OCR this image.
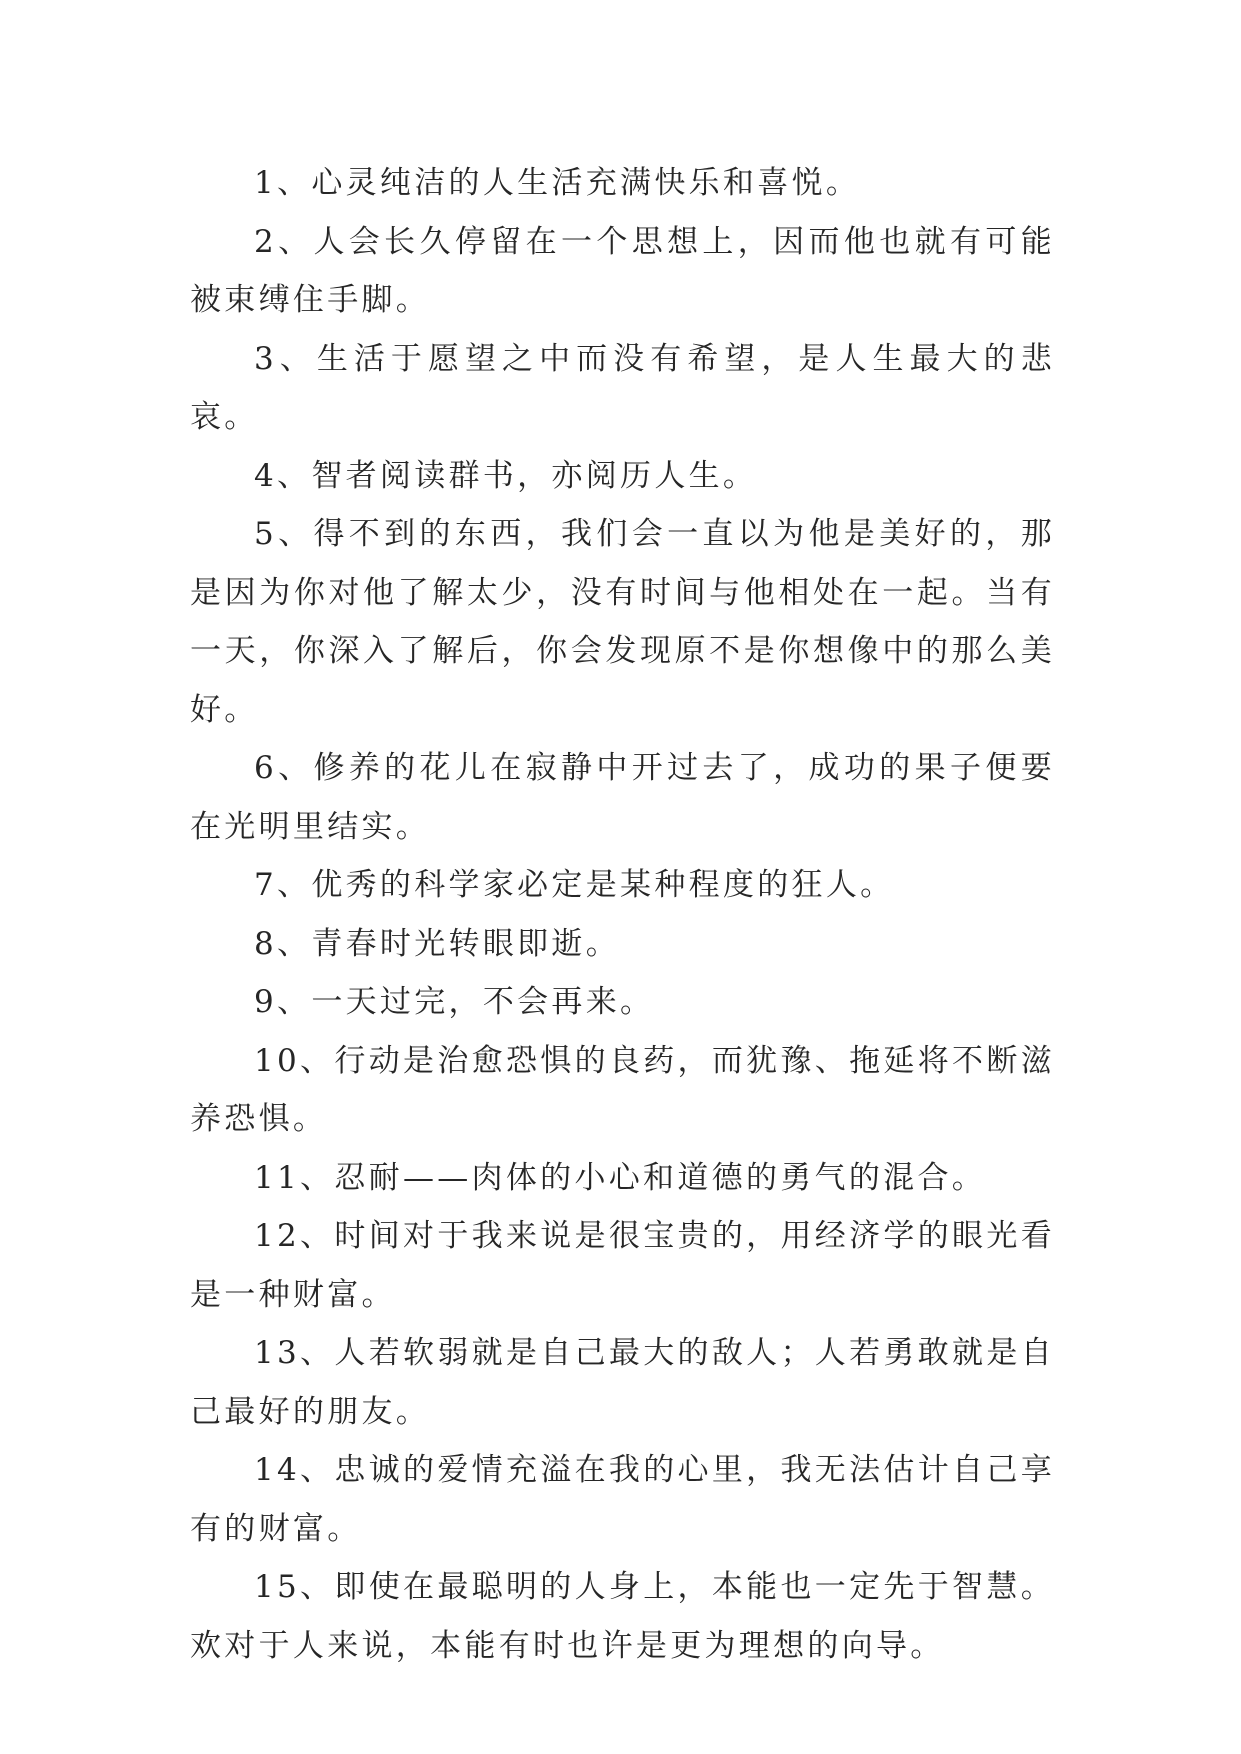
1、心灵纯洁的人生活充满快乐和喜悦。

2、人会长久停留在一个思想上，因而他也就有可能被束缚住手脚。

3、生活于愿望之中而没有希望，是人生最大的悲哀。

4、智者阅读群书，亦阅历人生。

5、得不到的东西，我们会一直以为他是美好的，那是因为你对他了解太少，没有时间与他相处在一起。当有一天，你深入了解后，你会发现原不是你想像中的那么美好。

6、修养的花儿在寂静中开过去了，成功的果子便要在光明里结实。

7、优秀的科学家必定是某种程度的狂人。

8、青春时光转眼即逝。

9、一天过完，不会再来。

10、行动是治愈恐惧的良药，而犹豫、拖延将不断滋养恐惧。

11、忍耐——肉体的小心和道德的勇气的混合。

12、时间对于我来说是很宝贵的，用经济学的眼光看是一种财富。

13、人若软弱就是自己最大的敌人；人若勇敢就是自己最好的朋友。

14、忠诚的爱情充溢在我的心里，我无法估计自己享有的财富。

15、即使在最聪明的人身上，本能也一定先于智慧。欢对于人来说，本能有时也许是更为理想的向导。
